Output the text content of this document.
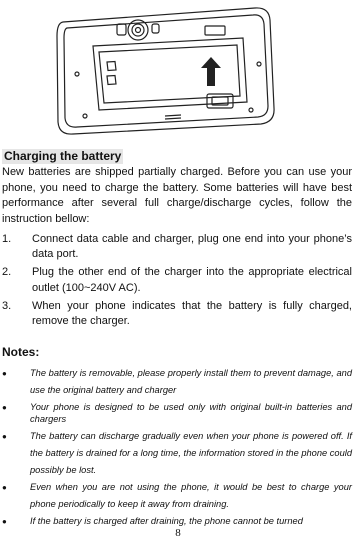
Charging the battery

New batteries are shipped partially charged. Before you can use your phone, you need to charge the battery. Some batteries will have best performance after several full charge/discharge cycles, follow the instruction bellow:

1.	Connect data cable and charger, plug one end into your phone’s data port.
2.	Plug the other end of the charger into the appropriate electrical outlet (100~240V AC).
3.	When your phone indicates that the battery is fully charged, remove the charger.
Notes:
●	The battery is removable, please properly install them to prevent damage, and use the original battery and charger
●	Your phone is designed to be used only with original built-in batteries and chargers
●	The battery can discharge gradually even when your phone is powered off. If the battery is drained for a long time, the information stored in the phone could possibly be lost.
●	Even when you are not using the phone, it would be best to charge your phone periodically to keep it away from draining.
●	If the battery is charged after draining, the phone cannot be turned
8
